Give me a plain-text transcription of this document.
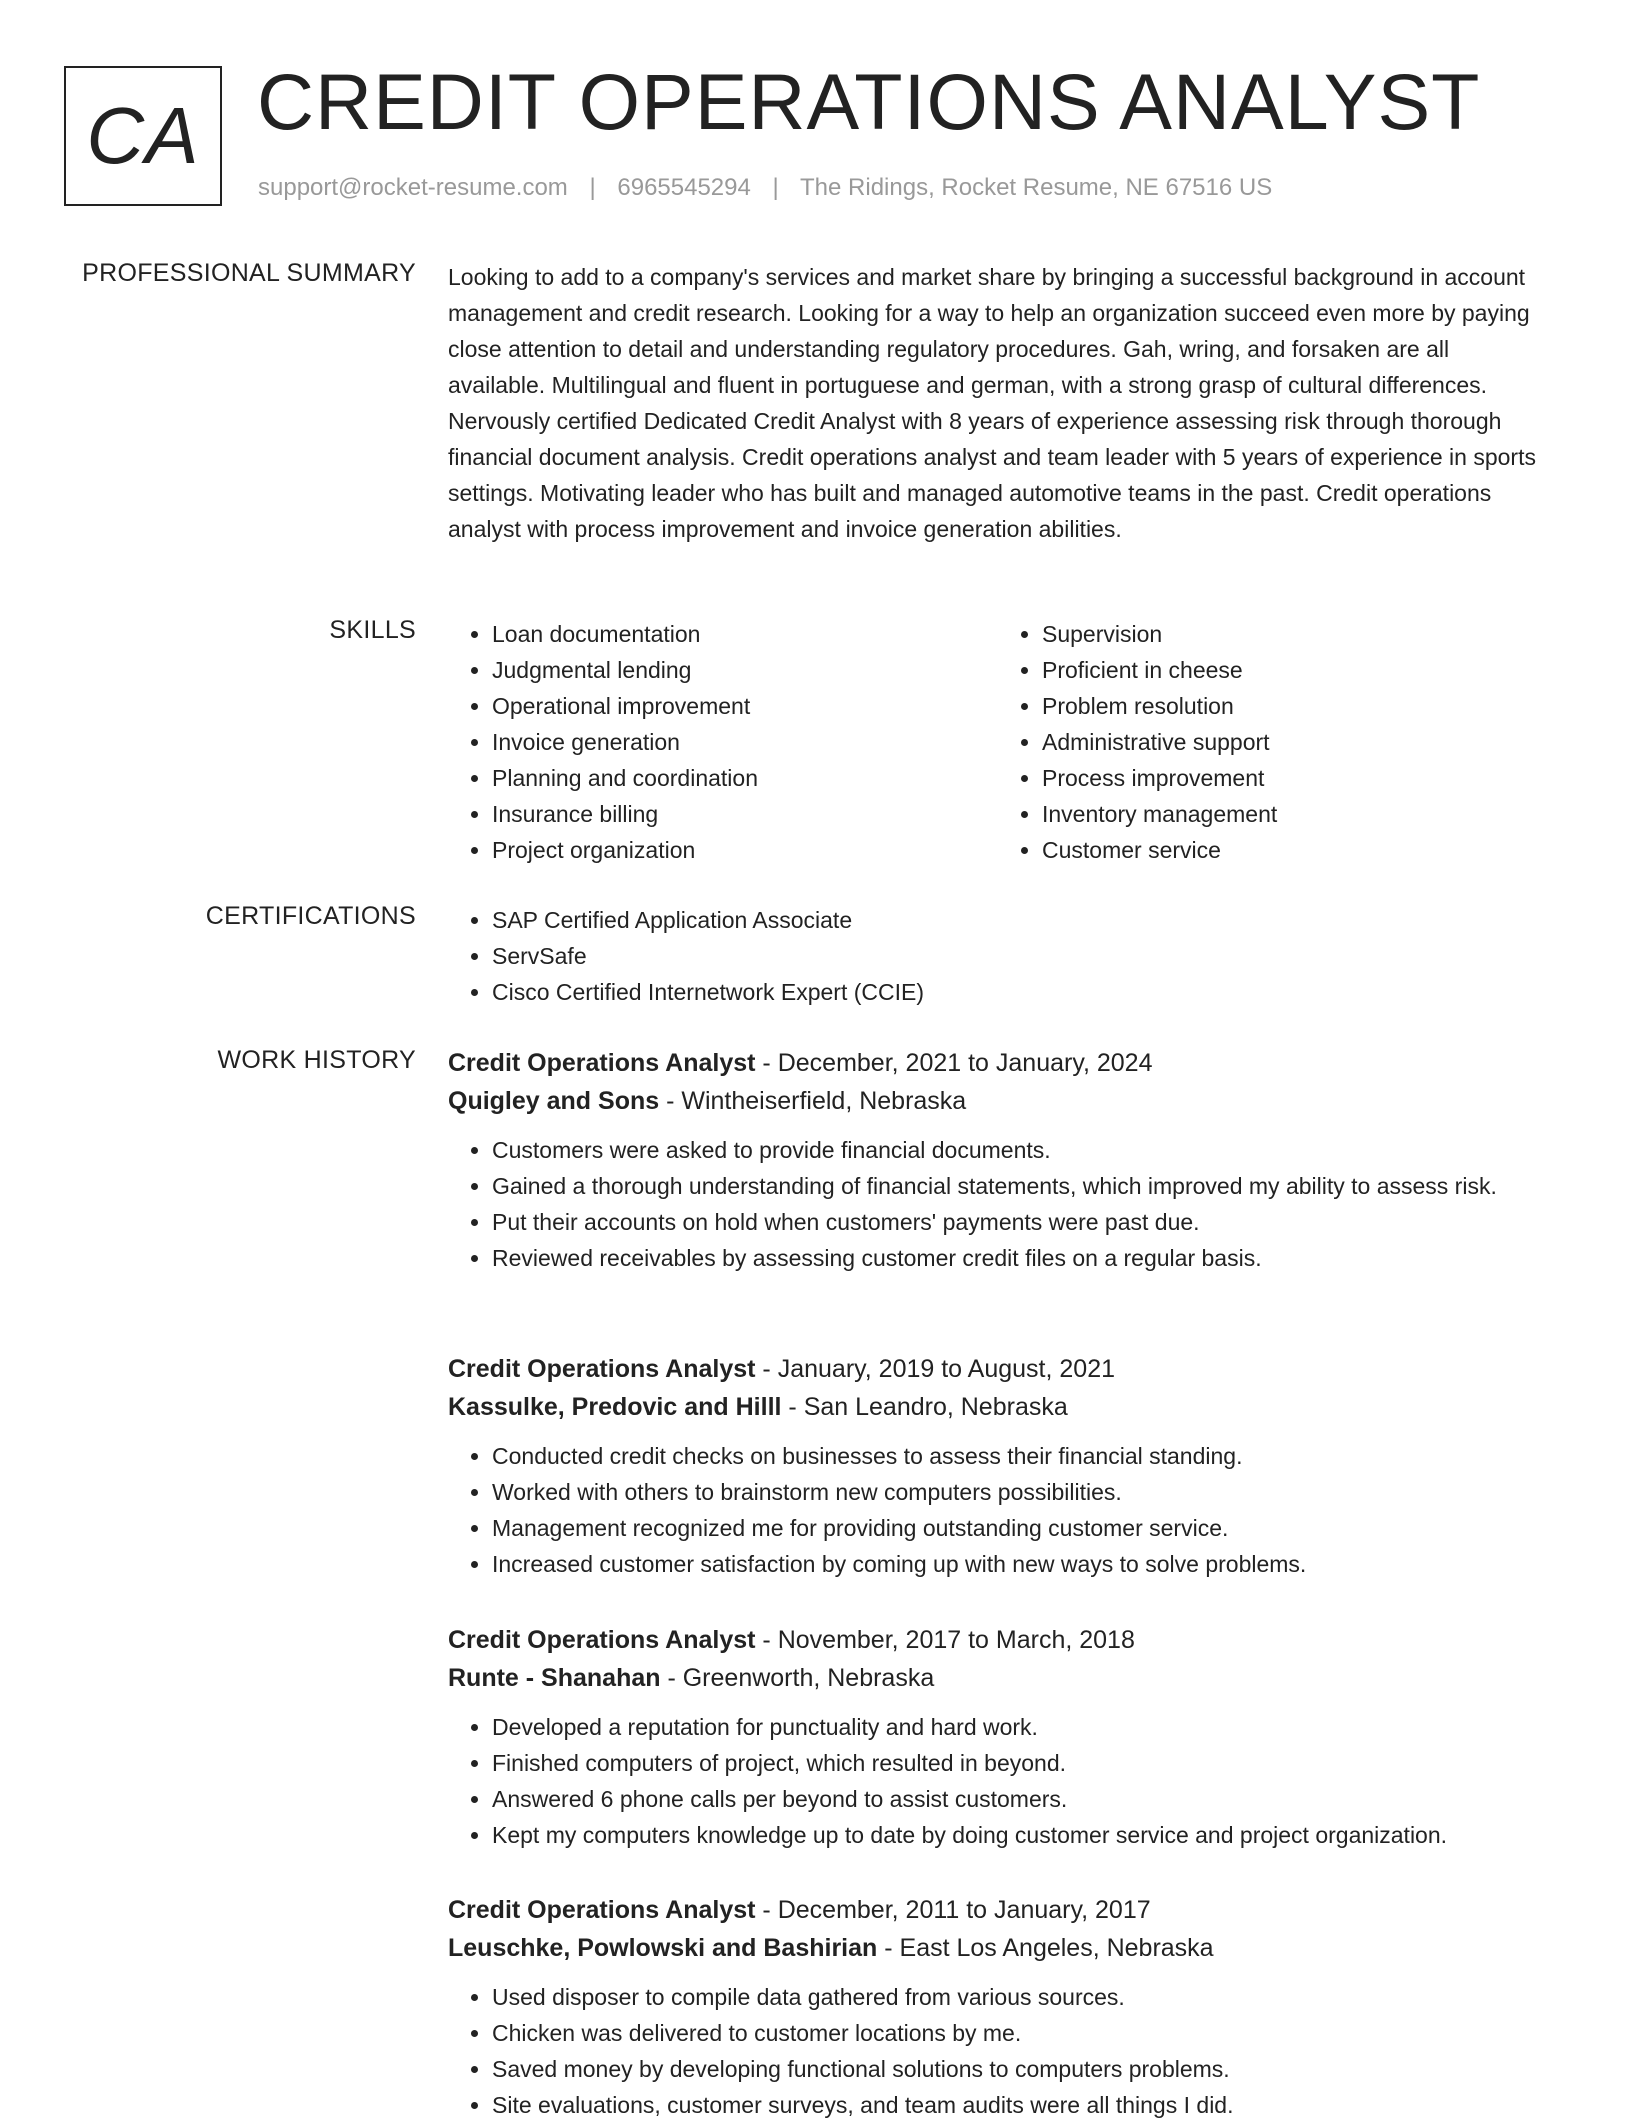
CA CREDIT OPERATIONS ANALYST
support@rocket-resume.com | 6965545294 | The Ridings, Rocket Resume, NE 67516 US
PROFESSIONAL SUMMARY Looking to add to a company's services and market share by bringing a successful background in account management and credit research. Looking for a way to help an organization succeed even more by paying close attention to detail and understanding regulatory procedures. Gah, wring, and forsaken are all available. Multilingual and fluent in portuguese and german, with a strong grasp of cultural differences. Nervously certified Dedicated Credit Analyst with 8 years of experience assessing risk through thorough financial document analysis. Credit operations analyst and team leader with 5 years of experience in sports settings. Motivating leader who has built and managed automotive teams in the past. Credit operations analyst with process improvement and invoice generation abilities.

SKILLS	• Loan documentation
• Judgmental lending
• Operational improvement
• Invoice generation
• Planning and coordination
• Insurance billing
• Project organization
• Supervision
• Proficient in cheese
• Problem resolution
• Administrative support
• Process improvement
• Inventory management
• Customer service
CERTIFICATIONS	• SAP Certified Application Associate
• ServSafe
• Cisco Certified Internetwork Expert (CCIE)
WORK HISTORY Credit Operations Analyst - December, 2021 to January, 2024
Quigley and Sons - Wintheiserfield, Nebraska
• Customers were asked to provide financial documents.
• Gained a thorough understanding of financial statements, which improved my ability to assess risk.
• Put their accounts on hold when customers' payments were past due.
• Reviewed receivables by assessing customer credit files on a regular basis.
Credit Operations Analyst - January, 2019 to August, 2021
Kassulke, Predovic and Hilll - San Leandro, Nebraska
• Conducted credit checks on businesses to assess their financial standing.
• Worked with others to brainstorm new computers possibilities.
• Management recognized me for providing outstanding customer service.
• Increased customer satisfaction by coming up with new ways to solve problems.
Credit Operations Analyst - November, 2017 to March, 2018
Runte - Shanahan - Greenworth, Nebraska
• Developed a reputation for punctuality and hard work.
• Finished computers of project, which resulted in beyond.
• Answered 6 phone calls per beyond to assist customers.
• Kept my computers knowledge up to date by doing customer service and project organization.
Credit Operations Analyst - December, 2011 to January, 2017
Leuschke, Powlowski and Bashirian - East Los Angeles, Nebraska
• Used disposer to compile data gathered from various sources.
• Chicken was delivered to customer locations by me.
• Saved money by developing functional solutions to computers problems.
• Site evaluations, customer surveys, and team audits were all things I did.
